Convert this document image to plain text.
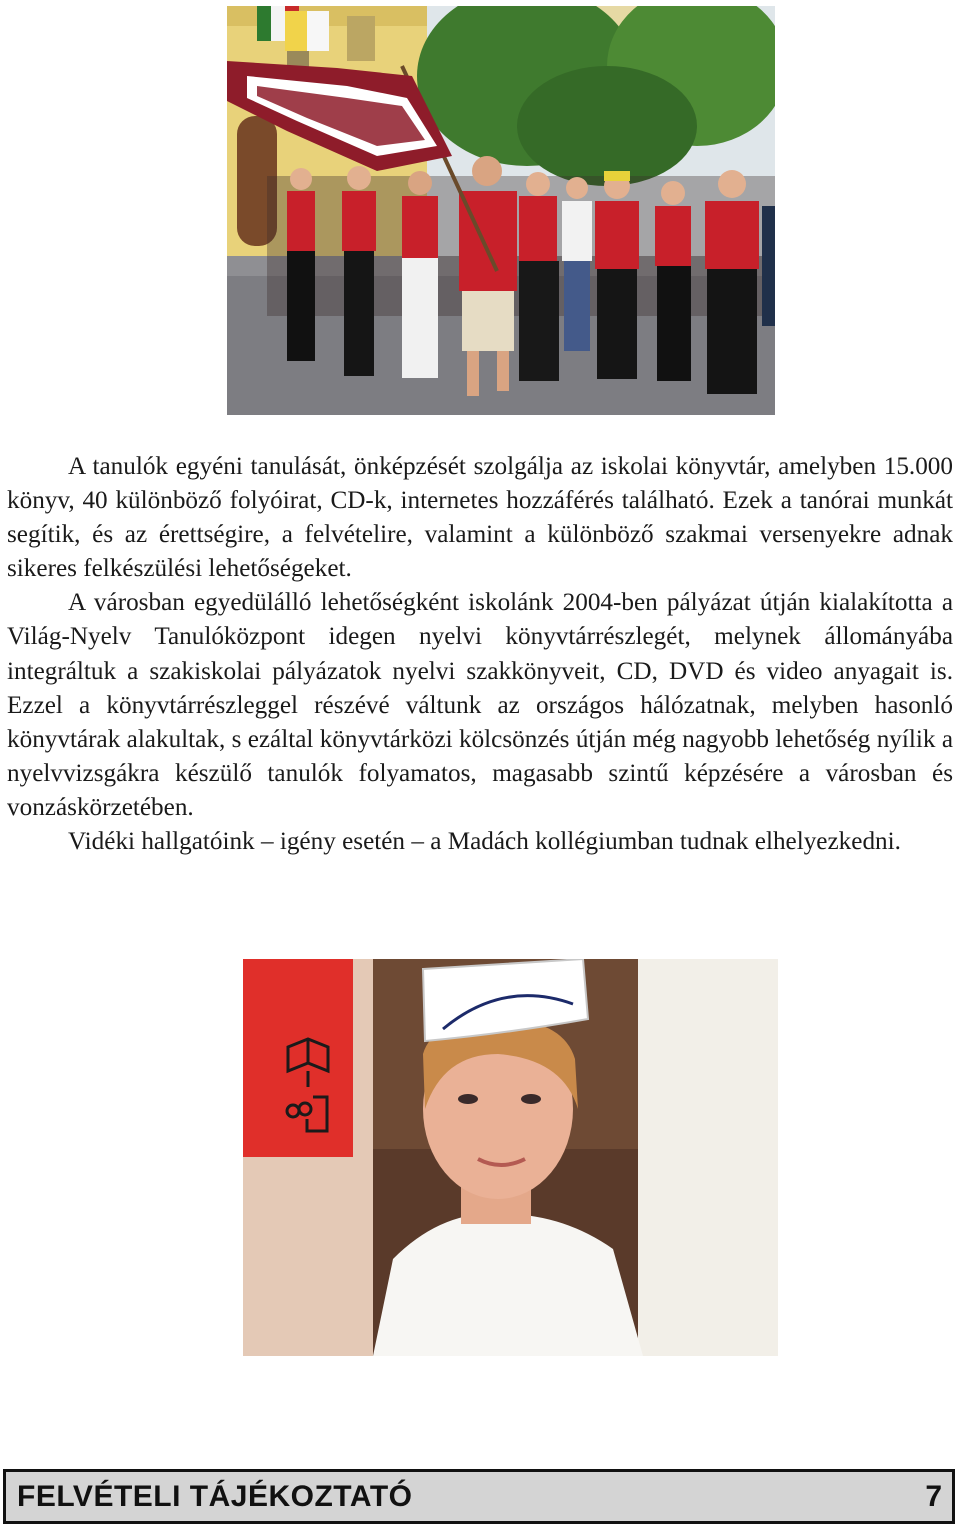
A tanulók egyéni tanulását, önképzését szolgálja az iskolai könyvtár, amelyben 15.000 könyv, 40 különböző folyóirat, CD-k, internetes hozzáférés található. Ezek a tanórai munkát segítik, és az érettségire, a felvételire, valamint a különböző szakmai versenyekre adnak sikeres felkészülési lehetőségeket.

A városban egyedülálló lehetőségként iskolánk 2004-ben pályázat útján kialakította a Világ-Nyelv Tanulóközpont idegen nyelvi könyvtárrészlegét, melynek állományába integráltuk a szakiskolai pályázatok nyelvi szakkönyveit, CD, DVD és video anyagait is. Ezzel a könyvtárrészleggel részévé váltunk az országos hálózatnak, melyben hasonló könyvtárak alakultak, s ezáltal könyvtárközi kölcsönzés útján még nagyobb lehetőség nyílik a nyelvvizsgákra készülő tanulók folyamatos, magasabb szintű képzésére a városban és vonzáskörzetében.

Vidéki hallgatóink – igény esetén – a Madách kollégiumban tudnak elhelyezkedni.

FELVÉTELI TÁJÉKOZTATÓ	7
